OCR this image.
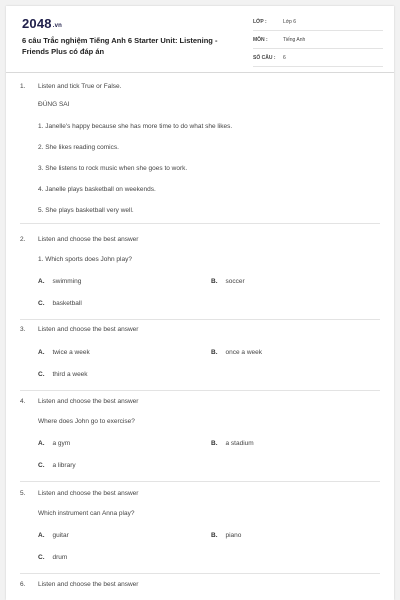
2048.vn
6 câu Trắc nghiệm Tiếng Anh 6 Starter Unit: Listening - Friends Plus có đáp án
LỚP :	Lớp 6
MÔN :	Tiếng Anh
SỐ CÂU : 6
1. Listen and tick True or False.
ĐÚNG SAI
1. Janelle's happy because she has more time to do what she likes.
2. She likes reading comics.
3. She listens to rock music when she goes to work.
4. Janelle plays basketball on weekends.
5. She plays basketball very well.
2. Listen and choose the best answer
1. Which sports does John play?
A. swimming	B. soccer
C. basketball
3. Listen and choose the best answer
A. twice a week	B. once a week
C. third a week
4. Listen and choose the best answer
Where does John go to exercise?
A. a gym	B. a stadium
C. a library
5. Listen and choose the best answer
Which instrument can Anna play?
A. guitar	B. piano
C. drum
6. Listen and choose the best answer
